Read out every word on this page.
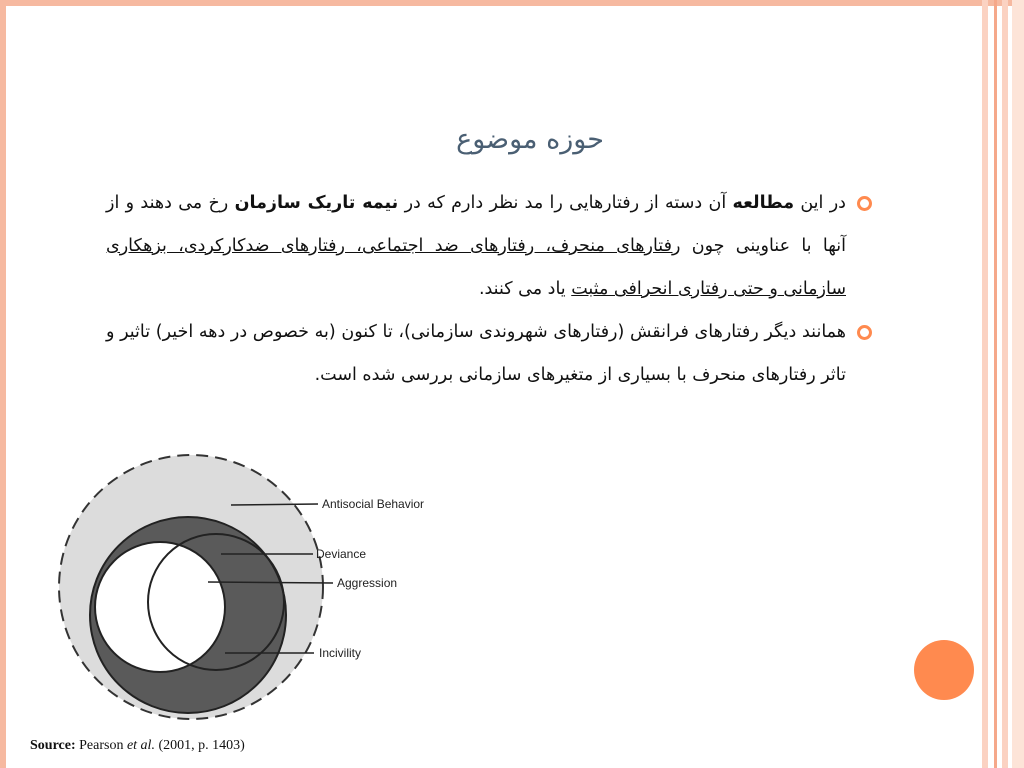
حوزه موضوع

در این مطالعه آن دسته از رفتارهایی را مد نظر دارم که در نیمه تاریک سازمان رخ می دهند و از آنها با عناوینی چون رفتارهای منحرف، رفتارهای ضد اجتماعی، رفتارهای ضدکارکردی، بزهکاری سازمانی و حتی رفتاری انحرافی مثبت یاد می کنند.

همانند دیگر رفتارهای فرانقش (رفتارهای شهروندی سازمانی)، تا کنون (به خصوص در دهه اخیر) تاثیر و تاثر رفتارهای منحرف با بسیاری از متغیرهای سازمانی بررسی شده است.

Antisocial Behavior
Deviance
Aggression
Incivility
Source: Pearson et al. (2001, p. 1403)
